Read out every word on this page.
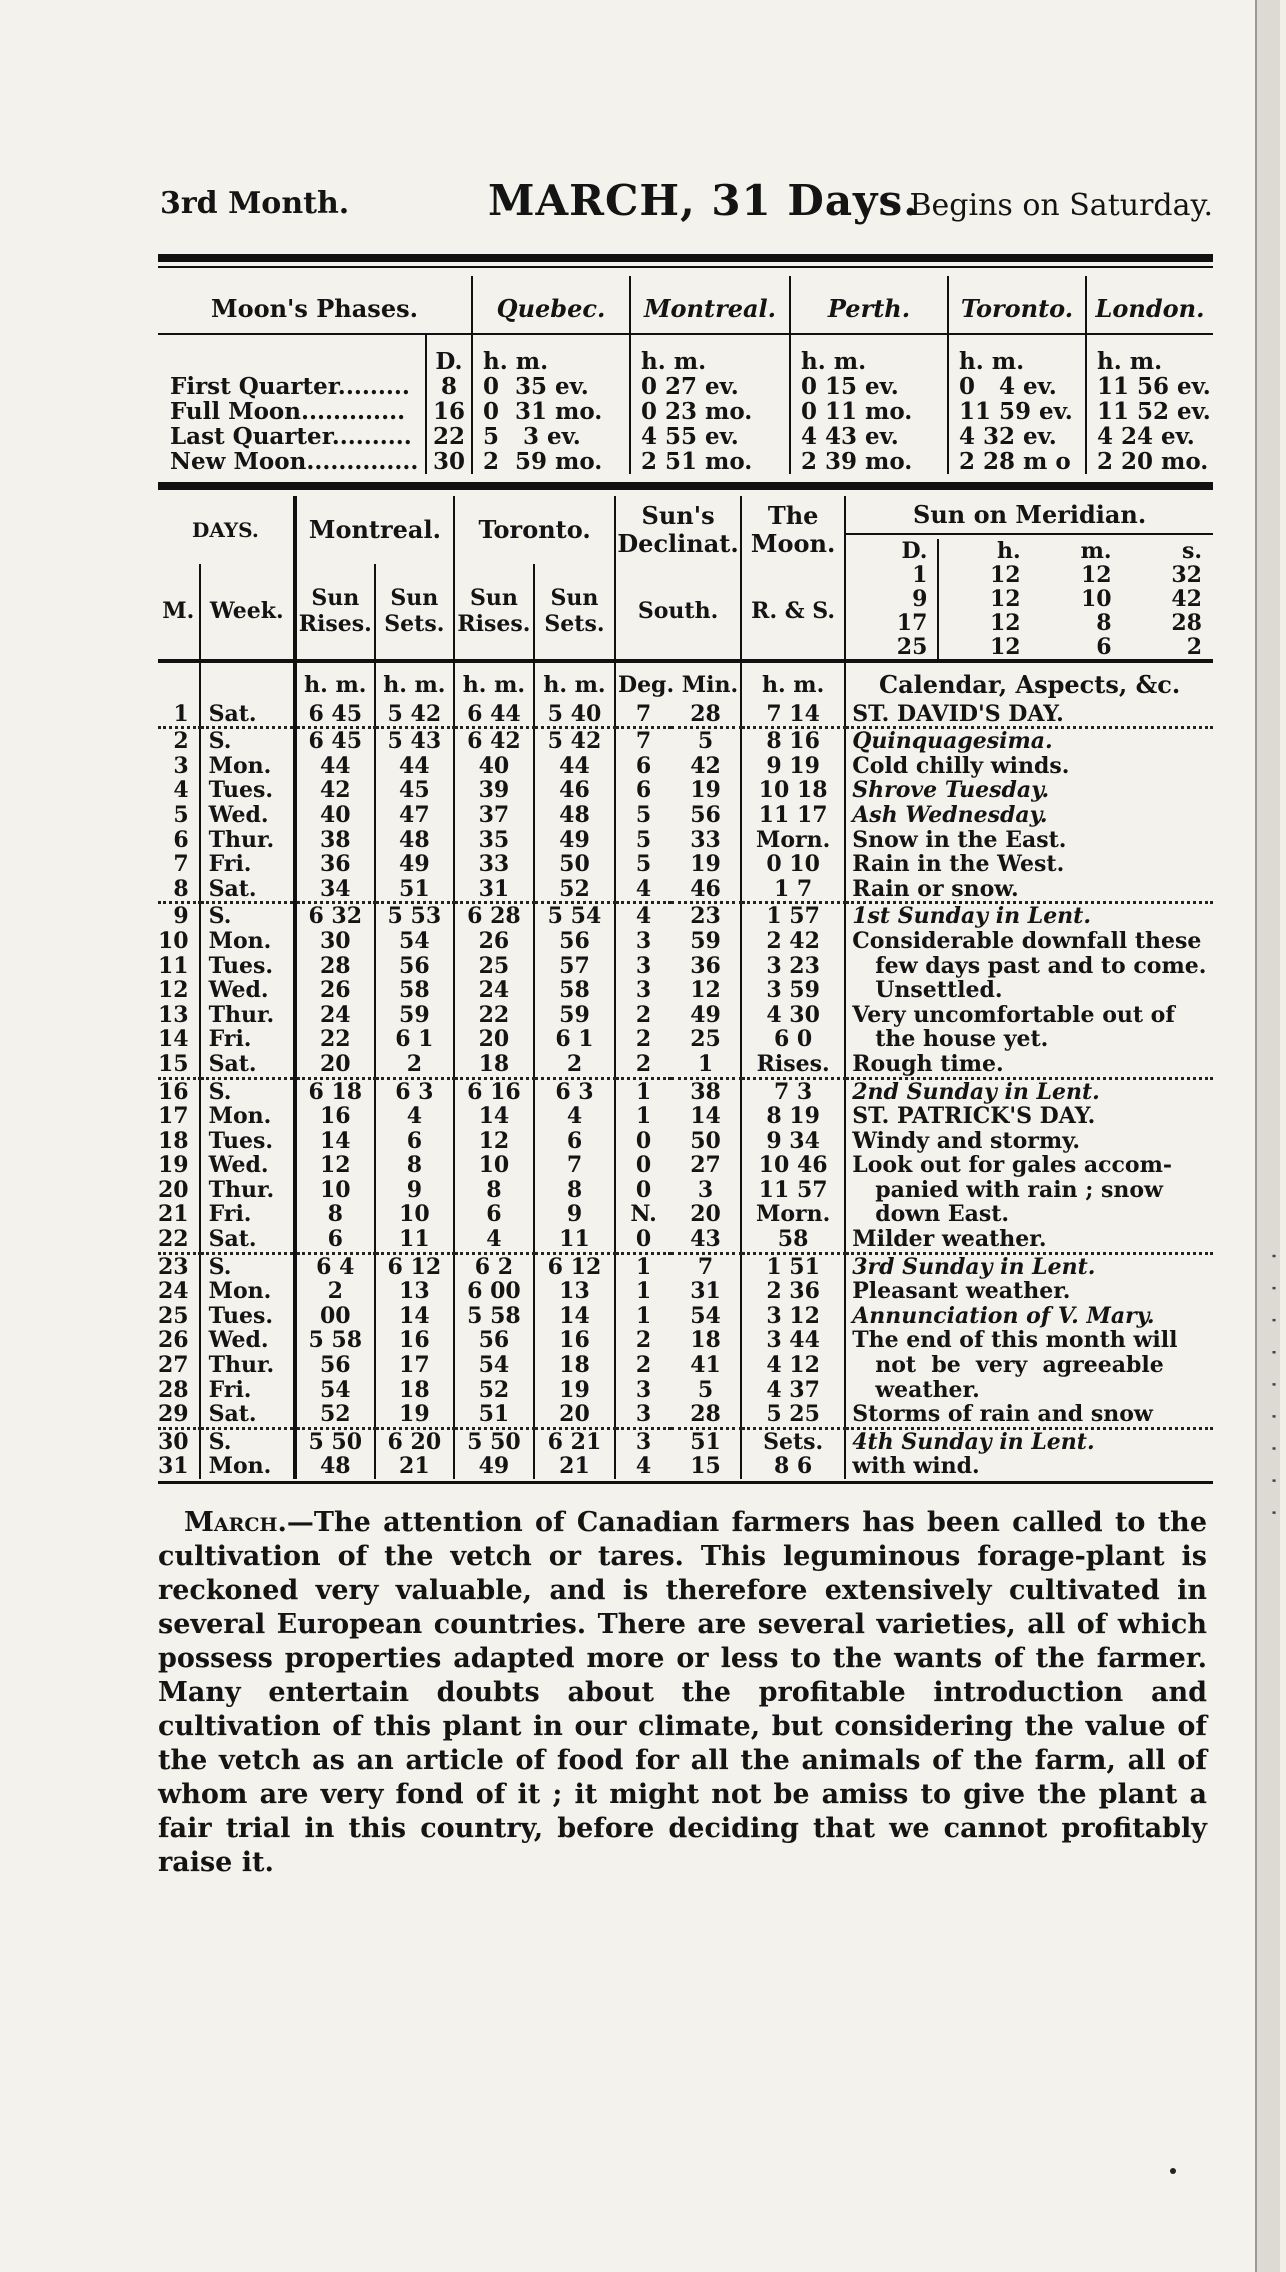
3rd Month.	MARCH, 31 Days.
Begins on Saturday.
Moon's Phases.		Quebec.	Montreal.	Perth.	Toronto.	London.
	D.	h. m.	h. m.	h. m.	h. m.	h. m.
First Quarter.........	8	0  35 ev.	0 27 ev.	0 15 ev.	0   4 ev.	11 56 ev.
Full Moon.............	16	0  31 mo.	0 23 mo.	0 11 mo.	11 59 ev.	11 52 ev.
Last Quarter..........	22	5   3 ev.	4 55 ev.	4 43 ev.	4 32 ev.	4 24 ev.
New Moon..............	30	2  59 mo.	2 51 mo.	2 39 mo.	2 28 m o	2 20 mo.
DAYS.	Montreal.	Toronto.	Sun's Declinat.	The Moon.	
Sun on Meridian.
D.	h.	m.	s.
1	12	12	32
9	12	10	42
17	12	8	28
25	12	6	2

M.	Week.	Sun Rises.	Sun Sets.	Sun Rises.	Sun Sets.	South.	R. & S.
		h. m.	h. m.	h. m.	h. m.	Deg. Min.	h. m.	Calendar, Aspects, &c.
1	Sat.	6 45	5 42	6 44	5 40	7	28	7 14	ST. DAVID'S DAY.
2	S.	6 45	5 43	6 42	5 42	7	5	8 16	Quinquagesima.
3	Mon.	44	44	40	44	6	42	9 19	Cold chilly winds.
4	Tues.	42	45	39	46	6	19	10 18	Shrove Tuesday.
5	Wed.	40	47	37	48	5	56	11 17	Ash Wednesday.
6	Thur.	38	48	35	49	5	33	Morn.	Snow in the East.
7	Fri.	36	49	33	50	5	19	0 10	Rain in the West.
8	Sat.	34	51	31	52	4	46	1 7	Rain or snow.
9	S.	6 32	5 53	6 28	5 54	4	23	1 57	1st Sunday in Lent.
10	Mon.	30	54	26	56	3	59	2 42	Considerable downfall these
11	Tues.	28	56	25	57	3	36	3 23	few days past and to come.
12	Wed.	26	58	24	58	3	12	3 59	Unsettled.
13	Thur.	24	59	22	59	2	49	4 30	Very uncomfortable out of
14	Fri.	22	6 1	20	6 1	2	25	6 0	the house yet.
15	Sat.	20	2	18	2	2	1	Rises.	Rough time.
16	S.	6 18	6 3	6 16	6 3	1	38	7 3	2nd Sunday in Lent.
17	Mon.	16	4	14	4	1	14	8 19	ST. PATRICK'S DAY.
18	Tues.	14	6	12	6	0	50	9 34	Windy and stormy.
19	Wed.	12	8	10	7	0	27	10 46	Look out for gales accom-
20	Thur.	10	9	8	8	0	3	11 57	panied with rain ; snow
21	Fri.	8	10	6	9	N.	20	Morn.	down East.
22	Sat.	6	11	4	11	0	43	58	Milder weather.
23	S.	6 4	6 12	6 2	6 12	1	7	1 51	3rd Sunday in Lent.
24	Mon.	2	13	6 00	13	1	31	2 36	Pleasant weather.
25	Tues.	00	14	5 58	14	1	54	3 12	Annunciation of V. Mary.
26	Wed.	5 58	16	56	16	2	18	3 44	The end of this month will
27	Thur.	56	17	54	18	2	41	4 12	not  be  very  agreeable
28	Fri.	54	18	52	19	3	5	4 37	weather.
29	Sat.	52	19	51	20	3	28	5 25	Storms of rain and snow
30	S.	5 50	6 20	5 50	6 21	3	51	Sets.	4th Sunday in Lent.
31	Mon.	48	21	49	21	4	15	8 6	with wind.

March.—The attention of Canadian farmers has been called to the cultivation of the vetch or tares. This leguminous forage-plant is reckoned very valuable, and is therefore extensively cultivated in several European countries. There are several varieties, all of which possess properties adapted more or less to the wants of the farmer. Many entertain doubts about the profitable introduction and cultivation of this plant in our climate, but considering the value of the vetch as an article of food for all the animals of the farm, all of whom are very fond of it ; it might not be amiss to give the plant a fair trial in this country, before deciding that we cannot profitably raise it.

· · · · · · · · ·
